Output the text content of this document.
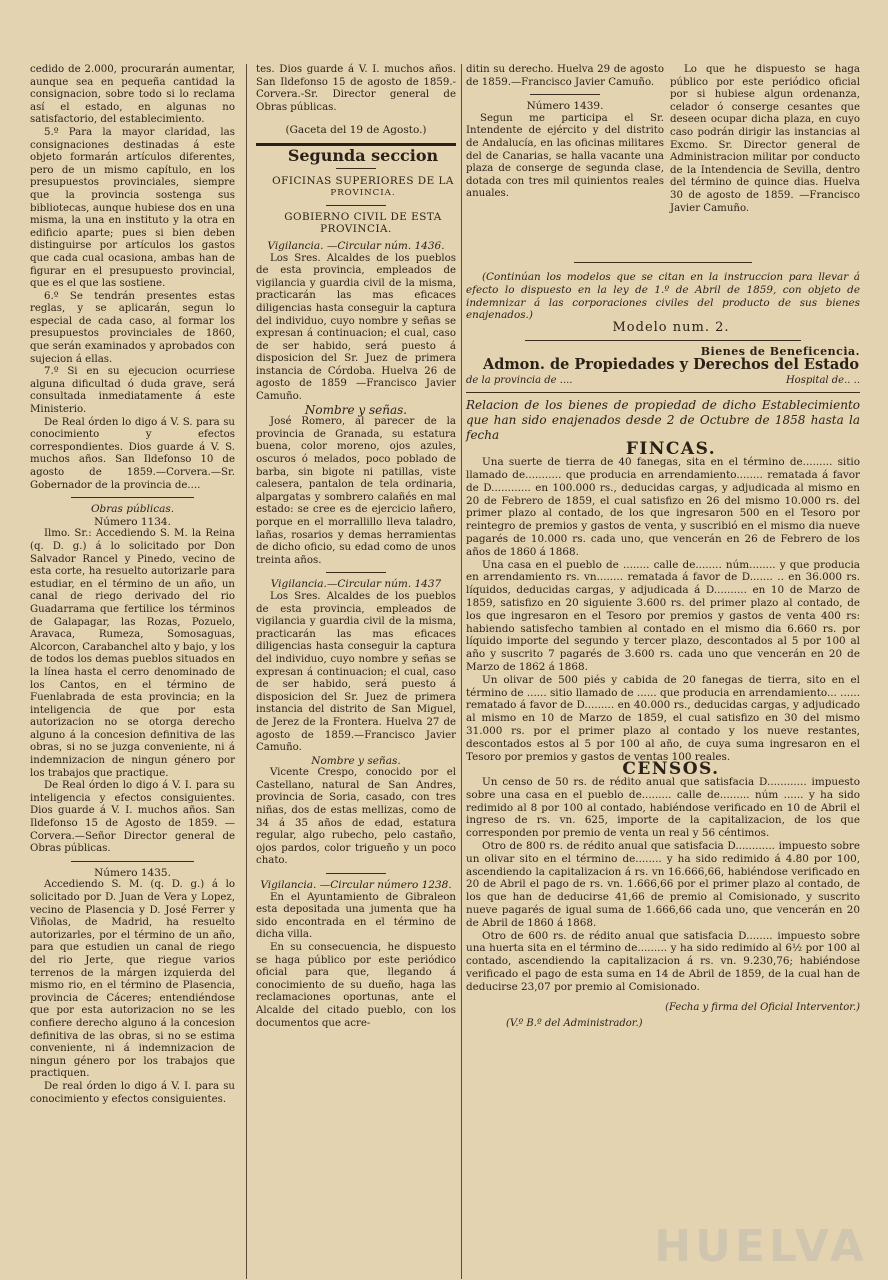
cedido de 2.000, procurarán aumentar, aunque sea en pequeña cantidad la consignacion, sobre todo si lo reclama así el estado, en algunas no satisfactorio, del establecimiento.

5.º Para la mayor claridad, las consignaciones destinadas á este objeto formarán artículos diferentes, pero de un mismo capítulo, en los presupuestos provinciales, siempre que la provincia sostenga sus bibliotecas, aunque hubiese dos en una misma, la una en instituto y la otra en edificio aparte; pues si bien deben distinguirse por artículos los gastos que cada cual ocasiona, ambas han de figurar en el presupuesto provincial, que es el que las sostiene.

6.º Se tendrán presentes estas reglas, y se aplicarán, segun lo especial de cada caso, al formar los presupuestos provinciales de 1860, que serán examinados y aprobados con sujecion á ellas.

7.º Si en su ejecucion ocurriese alguna dificultad ó duda grave, será consultada inmediatamente á este Ministerio.

De Real órden lo digo á V. S. para su conocimiento y efectos correspondientes. Dios guarde á V. S. muchos años. San Ildefonso 10 de agosto de 1859.—Corvera.—Sr. Gobernador de la provincia de....

Obras públicas.

Número 1134.

Ilmo. Sr.: Accediendo S. M. la Reina (q. D. g.) á lo solicitado por Don Salvador Rancel y Pinedo, vecino de esta corte, ha resuelto autorizarle para estudiar, en el término de un año, un canal de riego derivado del rio Guadarrama que fertilice los términos de Galapagar, las Rozas, Pozuelo, Aravaca, Rumeza, Somosaguas, Alcorcon, Carabanchel alto y bajo, y los de todos los demas pueblos situados en la línea hasta el cerro denominado de los Cantos, en el término de Fuenlabrada de esta provincia; en la inteligencia de que por esta autorizacion no se otorga derecho alguno á la concesion definitiva de las obras, si no se juzga conveniente, ni á indemnizacion de ningun género por los trabajos que practique.

De Real órden lo digo á V. I. para su inteligencia y efectos consiguientes. Dios guarde á V. I. muchos años. San Ildefonso 15 de Agosto de 1859. —Corvera.—Señor Director general de Obras públicas.

Número 1435.

Accediendo S. M. (q. D. g.) á lo solicitado por D. Juan de Vera y Lopez, vecino de Plasencia y D. José Ferrer y Viñolas, de Madrid, ha resuelto autorizarles, por el término de un año, para que estudien un canal de riego del rio Jerte, que riegue varios terrenos de la márgen izquierda del mismo rio, en el término de Plasencia, provincia de Cáceres; entendiéndose que por esta autorizacion no se les confiere derecho alguno á la concesion definitiva de las obras, si no se estima conveniente, ni á indemnizacion de ningun género por los trabajos que practiquen.

De real órden lo digo á V. I. para su conocimiento y efectos consiguientes.

tes. Dios guarde á V. I. muchos años. San Ildefonso 15 de agosto de 1859.-Corvera.-Sr. Director general de Obras públicas.

(Gaceta del 19 de Agosto.)

Segunda seccion

OFICINAS SUPERIORES DE LA

PROVINCIA.

GOBIERNO CIVIL DE ESTA PROVINCIA.

Vigilancia. —Circular núm. 1436.

Los Sres. Alcaldes de los pueblos de esta provincia, empleados de vigilancia y guardia civil de la misma, practicarán las mas eficaces diligencias hasta conseguir la captura del individuo, cuyo nombre y señas se expresan á continuacion; el cual, caso de ser habido, será puesto á disposicion del Sr. Juez de primera instancia de Córdoba. Huelva 26 de agosto de 1859 —Francisco Javier Camuño.

Nombre y señas.

José Romero, al parecer de la provincia de Granada, su estatura buena, color moreno, ojos azules, oscuros ó melados, poco poblado de barba, sin bigote ni patillas, viste calesera, pantalon de tela ordinaria, alpargatas y sombrero calañés en mal estado: se cree es de ejercicio lañero, porque en el morrallillo lleva taladro, lañas, rosarios y demas herramientas de dicho oficio, su edad como de unos treinta años.

Vigilancia.—Circular núm. 1437

Los Sres. Alcaldes de los pueblos de esta provincia, empleados de vigilancia y guardia civil de la misma, practicarán las mas eficaces diligencias hasta conseguir la captura del individuo, cuyo nombre y señas se expresan á continuacion; el cual, caso de ser habido, será puesto á disposicion del Sr. Juez de primera instancia del distrito de San Miguel, de Jerez de la Frontera. Huelva 27 de agosto de 1859.—Francisco Javier Camuño.

Nombre y señas.

Vicente Crespo, conocido por el Castellano, natural de San Andres, provincia de Soria, casado, con tres niñas, dos de estas mellizas, como de 34 á 35 años de edad, estatura regular, algo rubecho, pelo castaño, ojos pardos, color trigueño y un poco chato.

Vigilancia. —Circular número 1238.

En el Ayuntamiento de Gibraleon esta depositada una jumenta que ha sido encontrada en el término de dicha villa.

En su consecuencia, he dispuesto se haga público por este periódico oficial para que, llegando á conocimiento de su dueño, haga las reclamaciones oportunas, ante el Alcalde del citado pueblo, con los documentos que acre-

ditin su derecho. Huelva 29 de agosto de 1859.—Francisco Javier Camuño.

Número 1439.

Segun me participa el Sr. Intendente de ejército y del distrito de Andalucía, en las oficinas militares del de Canarias, se halla vacante una plaza de conserge de segunda clase, dotada con tres mil quinientos reales anuales.

Lo que he dispuesto se haga público por este periódico oficial por si hubiese algun ordenanza, celador ó conserge cesantes que deseen ocupar dicha plaza, en cuyo caso podrán dirigir las instancias al Excmo. Sr. Director general de Administracion militar por conducto de la Intendencia de Sevilla, dentro del término de quince dias. Huelva 30 de agosto de 1859. —Francisco Javier Camuño.

(Continúan los modelos que se citan en la instruccion para llevar á efecto lo dispuesto en la ley de 1.º de Abril de 1859, con objeto de indemnizar á las corporaciones civiles del producto de sus bienes enajenados.)

Modelo num. 2.

Bienes de Beneficencia.

Admon. de Propiedades y Derechos del Estado

de la provincia de ....	Hospital de.. ..

Relacion de los bienes de propiedad de dicho Establecimiento que han sido enajenados desde 2 de Octubre de 1858 hasta la fecha

FINCAS.

Una suerte de tierra de 40 fanegas, sita en el término de......... sitio llamado de........... que producia en arrendamiento........ rematada á favor de D............ en 100.000 rs., deducidas cargas, y adjudicada al mismo en 20 de Febrero de 1859, el cual satisfizo en 26 del mismo 10.000 rs. del primer plazo al contado, de los que ingresaron 500 en el Tesoro por reintegro de premios y gastos de venta, y suscribió en el mismo dia nueve pagarés de 10.000 rs. cada uno, que vencerán en 26 de Febrero de los años de 1860 á 1868.

Una casa en el pueblo de ........ calle de........ núm........ y que producia en arrendamiento rs. vn........ rematada á favor de D....... .. en 36.000 rs. líquidos, deducidas cargas, y adjudicada á D.......... en 10 de Marzo de 1859, satisfizo en 20 siguiente 3.600 rs. del primer plazo al contado, de los que ingresaron en el Tesoro por premios y gastos de venta 400 rs: habiendo satisfecho tambien al contado en el mismo dia 6.660 rs. por líquido importe del segundo y tercer plazo, descontados al 5 por 100 al año y suscrito 7 pagarés de 3.600 rs. cada uno que vencerán en 20 de Marzo de 1862 á 1868.

Un olivar de 500 piés y cabida de 20 fanegas de tierra, sito en el término de ...... sitio llamado de ...... que producia en arrendamiento... ...... rematado á favor de D......... en 40.000 rs., deducidas cargas, y adjudicado al mismo en 10 de Marzo de 1859, el cual satisfizo en 30 del mismo 31.000 rs. por el primer plazo al contado y los nueve restantes, descontados estos al 5 por 100 al año, de cuya suma ingresaron en el Tesoro por premios y gastos de ventas 100 reales.

CENSOS.

Un censo de 50 rs. de rédito anual que satisfacia D............ impuesto sobre una casa en el pueblo de......... calle de......... núm ...... y ha sido redimido al 8 por 100 al contado, habiéndose verificado en 10 de Abril el ingreso de rs. vn. 625, importe de la capitalizacion, de los que corresponden por premio de venta un real y 56 céntimos.

Otro de 800 rs. de rédito anual que satisfacia D............ impuesto sobre un olivar sito en el término de........ y ha sido redimido á 4.80 por 100, ascendiendo la capitalizacion á rs. vn 16.666,66, habiéndose verificado en 20 de Abril el pago de rs. vn. 1.666,66 por el primer plazo al contado, de los que han de deducirse 41,66 de premio al Comisionado, y suscrito nueve pagarés de igual suma de 1.666,66 cada uno, que vencerán en 20 de Abril de 1860 á 1868.

Otro de 600 rs. de rédito anual que satisfacia D........ impuesto sobre una huerta sita en el término de......... y ha sido redimido al 6½ por 100 al contado, ascendiendo la capitalizacion á rs. vn. 9.230,76; habiéndose verificado el pago de esta suma en 14 de Abril de 1859, de la cual han de deducirse 23,07 por premio al Comisionado.

(V.º B.º del Administrador.)
(Fecha y firma del Oficial Interventor.)
HUELVA
